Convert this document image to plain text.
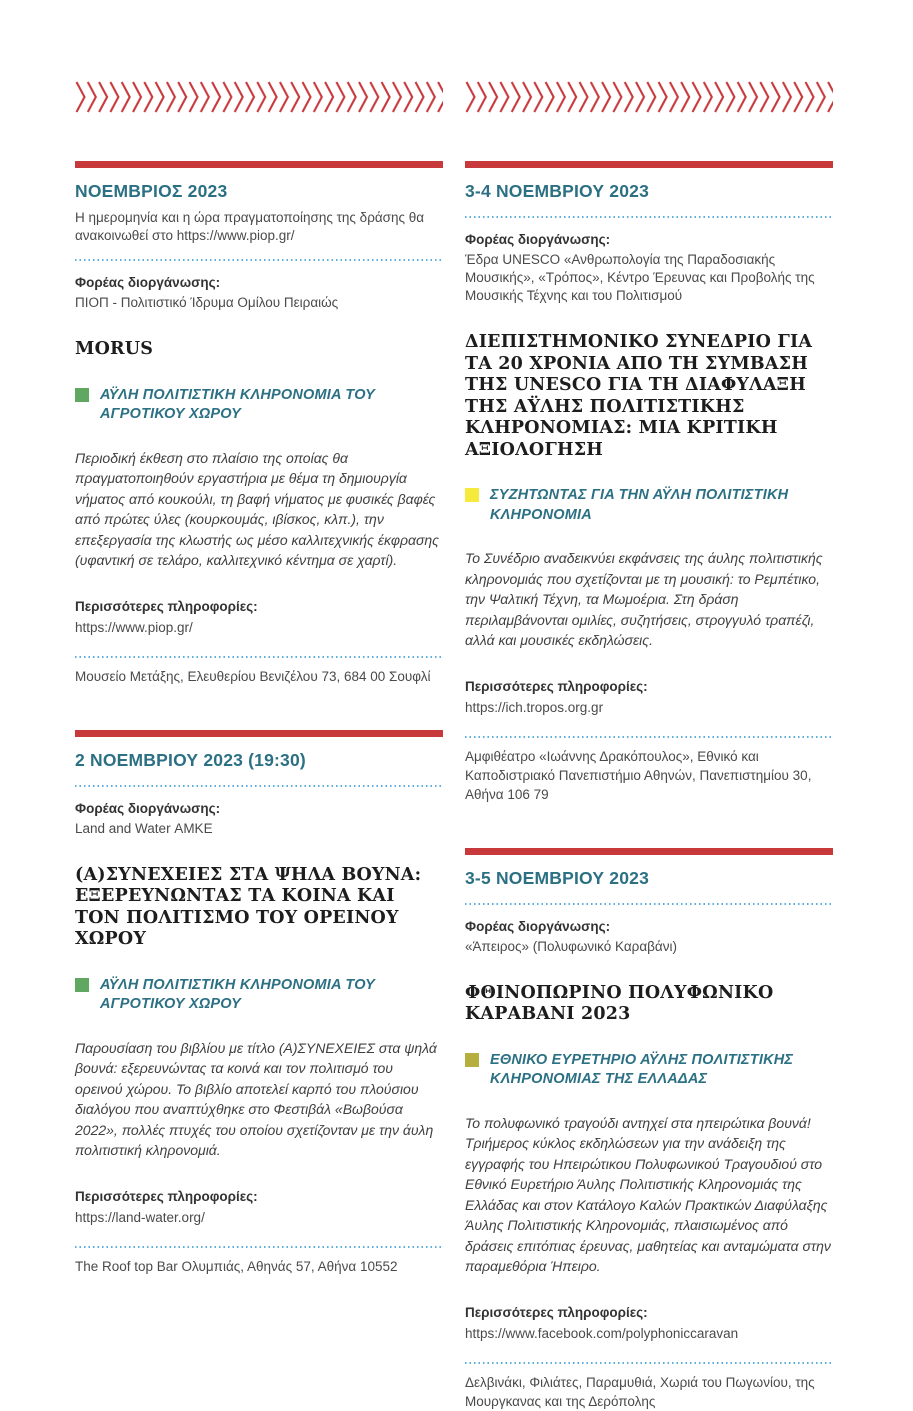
ΝΟΕΜΒΡΙΟΣ 2023

Η ημερομηνία και η ώρα πραγματοποίησης της δράσης θα ανακοινωθεί στο https://www.piop.gr/

Φορέας διοργάνωσης:

ΠΙΟΠ - Πολιτιστικό Ίδρυμα Ομίλου Πειραιώς

MORUS
ΑΫΛΗ ΠΟΛΙΤΙΣΤΙΚΗ ΚΛΗΡΟΝΟΜΙΑ ΤΟΥ ΑΓΡΟΤΙΚΟΥ ΧΩΡΟΥ

Περιοδική έκθεση στο πλαίσιο της οποίας θα πραγματοποιηθούν εργαστήρια με θέμα τη δημιουργία νήματος από κουκούλι, τη βαφή νήματος με φυσικές βαφές από πρώτες ύλες (κουρκουμάς, ιβίσκος, κλπ.), την επεξεργασία της κλωστής ως μέσο καλλιτεχνικής έκφρασης (υφαντική σε τελάρο, καλλιτεχνικό κέντημα σε χαρτί).

Περισσότερες πληροφορίες:

https://www.piop.gr/

Μουσείο Μετάξης, Ελευθερίου Βενιζέλου 73, 684 00 Σουφλί

2 ΝΟΕΜΒΡΙΟΥ 2023 (19:30)

Φορέας διοργάνωσης:

Land and Water ΑΜΚΕ

(Α)ΣΥΝΕΧΕΙΕΣ ΣΤΑ ΨΗΛΑ ΒΟΥΝΑ: ΕΞΕΡΕΥΝΩΝΤΑΣ ΤΑ ΚΟΙΝΑ ΚΑΙ ΤΟΝ ΠΟΛΙΤΙΣΜΟ ΤΟΥ ΟΡΕΙΝΟΥ ΧΩΡΟΥ
ΑΫΛΗ ΠΟΛΙΤΙΣΤΙΚΗ ΚΛΗΡΟΝΟΜΙΑ ΤΟΥ ΑΓΡΟΤΙΚΟΥ ΧΩΡΟΥ

Παρουσίαση του βιβλίου με τίτλο (Α)ΣΥΝΕΧΕΙΕΣ στα ψηλά βουνά: εξερευνώντας τα κοινά και τον πολιτισμό του ορεινού χώρου. Το βιβλίο αποτελεί καρπό του πλούσιου διαλόγου που αναπτύχθηκε στο Φεστιβάλ «Βωβούσα 2022», πολλές πτυχές του οποίου σχετίζονταν με την άυλη πολιτιστική κληρονομιά.

Περισσότερες πληροφορίες:

https://land-water.org/

The Roof top Bar Ολυμπιάς, Αθηνάς 57, Αθήνα 10552

3-4 ΝΟΕΜΒΡΙΟΥ 2023

Φορέας διοργάνωσης:

Έδρα UNESCO «Ανθρωπολογία της Παραδοσιακής Μουσικής», «Τρόπος», Κέντρο Έρευνας και Προβολής της Μουσικής Τέχνης και του Πολιτισμού

ΔΙΕΠΙΣΤΗΜΟΝΙΚΟ ΣΥΝΕΔΡΙΟ ΓΙΑ ΤΑ 20 ΧΡΟΝΙΑ ΑΠΟ ΤΗ ΣΥΜΒΑΣΗ ΤΗΣ UNESCO ΓΙΑ ΤΗ ΔΙΑΦΥΛΑΞΗ ΤΗΣ ΑΫΛΗΣ ΠΟΛΙΤΙΣΤΙΚΗΣ ΚΛΗΡΟΝΟΜΙΑΣ: ΜΙΑ ΚΡΙΤΙΚΗ ΑΞΙΟΛΟΓΗΣΗ
ΣΥΖΗΤΩΝΤΑΣ ΓΙΑ ΤΗΝ ΑΫΛΗ ΠΟΛΙΤΙΣΤΙΚΗ ΚΛΗΡΟΝΟΜΙΑ

Το Συνέδριο αναδεικνύει εκφάνσεις της άυλης πολιτιστικής κληρονομιάς που σχετίζονται με τη μουσική: το Ρεμπέτικο, την Ψαλτική Τέχνη, τα Μωμοέρια. Στη δράση περιλαμβάνονται ομιλίες, συζητήσεις, στρογγυλό τραπέζι, αλλά και μουσικές εκδηλώσεις.

Περισσότερες πληροφορίες:

https://ich.tropos.org.gr

Αμφιθέατρο «Ιωάννης Δρακόπουλος», Εθνικό και Καποδιστριακό Πανεπιστήμιο Αθηνών, Πανεπιστημίου 30, Αθήνα 106 79

3-5 ΝΟΕΜΒΡΙΟΥ 2023

Φορέας διοργάνωσης:

«Άπειρος» (Πολυφωνικό Καραβάνι)

ΦΘΙΝΟΠΩΡΙΝΟ ΠΟΛΥΦΩΝΙΚΟ ΚΑΡΑΒΑΝΙ 2023
ΕΘΝΙΚΟ ΕΥΡΕΤΗΡΙΟ ΑΫΛΗΣ ΠΟΛΙΤΙΣΤΙΚΗΣ ΚΛΗΡΟΝΟΜΙΑΣ ΤΗΣ ΕΛΛΑΔΑΣ

Το πολυφωνικό τραγούδι αντηχεί στα ηπειρώτικα βουνά! Τριήμερος κύκλος εκδηλώσεων για την ανάδειξη της εγγραφής του Ηπειρώτικου Πολυφωνικού Τραγουδιού στο Εθνικό Ευρετήριο Άυλης Πολιτιστικής Κληρονομιάς της Ελλάδας και στον Κατάλογο Καλών Πρακτικών Διαφύλαξης Άυλης Πολιτιστικής Κληρονομιάς, πλαισιωμένος από δράσεις επιτόπιας έρευνας, μαθητείας και ανταμώματα στην παραμεθόρια Ήπειρο.

Περισσότερες πληροφορίες:

https://www.facebook.com/polyphoniccaravan

Δελβινάκι, Φιλιάτες, Παραμυθιά, Χωριά του Πωγωνίου, της Μουργκανας και της Δερόπολης
